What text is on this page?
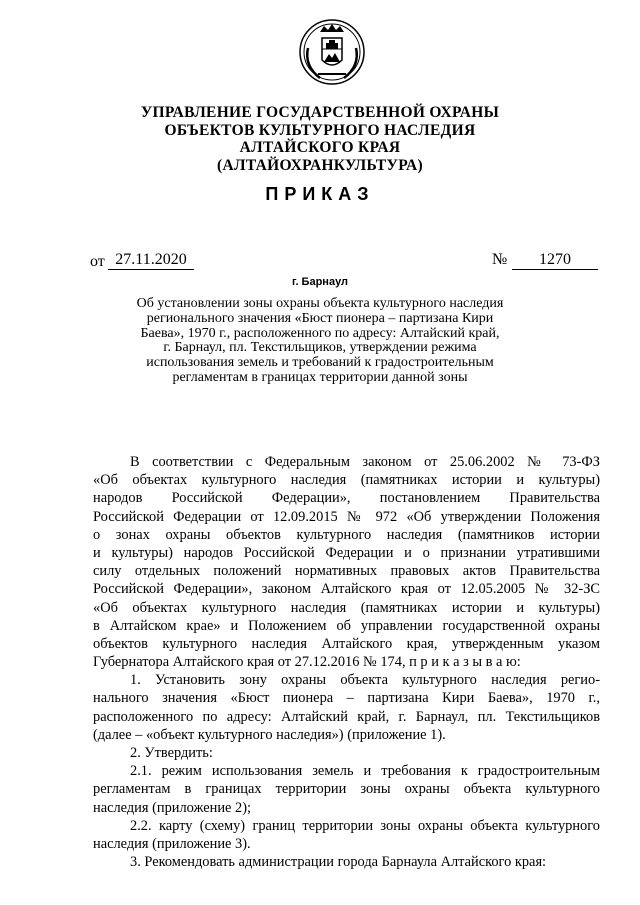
УПРАВЛЕНИЕ ГОСУДАРСТВЕННОЙ ОХРАНЫ
ОБЪЕКТОВ КУЛЬТУРНОГО НАСЛЕДИЯ
АЛТАЙСКОГО КРАЯ
(АЛТАЙОХРАНКУЛЬТУРА)
ПРИКАЗ
от 27.11.2020	№	1270
г. Барнаул
Об установлении зоны охраны объекта культурного наследия
регионального значения «Бюст пионера – партизана Кири
Баева», 1970 г., расположенного по адресу: Алтайский край,
г. Барнаул, пл. Текстильщиков, утверждении режима
использования земель и требований к градостроительным
регламентам в границах территории данной зоны
В соответствии с Федеральным законом от 25.06.2002 № 73-ФЗ
«Об объектах культурного наследия (памятниках истории и культуры)
народов Российской Федерации», постановлением Правительства
Российской Федерации от 12.09.2015 № 972 «Об утверждении Положения
о зонах охраны объектов культурного наследия (памятников истории
и культуры) народов Российской Федерации и о признании утратившими
силу отдельных положений нормативных правовых актов Правительства
Российской Федерации», законом Алтайского края от 12.05.2005 № 32-ЗС
«Об объектах культурного наследия (памятниках истории и культуры)
в Алтайском крае» и Положением об управлении государственной охраны
объектов культурного наследия Алтайского края, утвержденным указом
Губернатора Алтайского края от 27.12.2016 № 174, п р и к а з ы в а ю:
1. Установить зону охраны объекта культурного наследия регио-
нального значения «Бюст пионера – партизана Кири Баева», 1970 г.,
расположенного по адресу: Алтайский край, г. Барнаул, пл. Текстильщиков
(далее – «объект культурного наследия») (приложение 1).
2. Утвердить:
2.1. режим использования земель и требования к градостроительным
регламентам в границах территории зоны охраны объекта культурного
наследия (приложение 2);
2.2. карту (схему) границ территории зоны охраны объекта культурного
наследия (приложение 3).
3. Рекомендовать администрации города Барнаула Алтайского края:
